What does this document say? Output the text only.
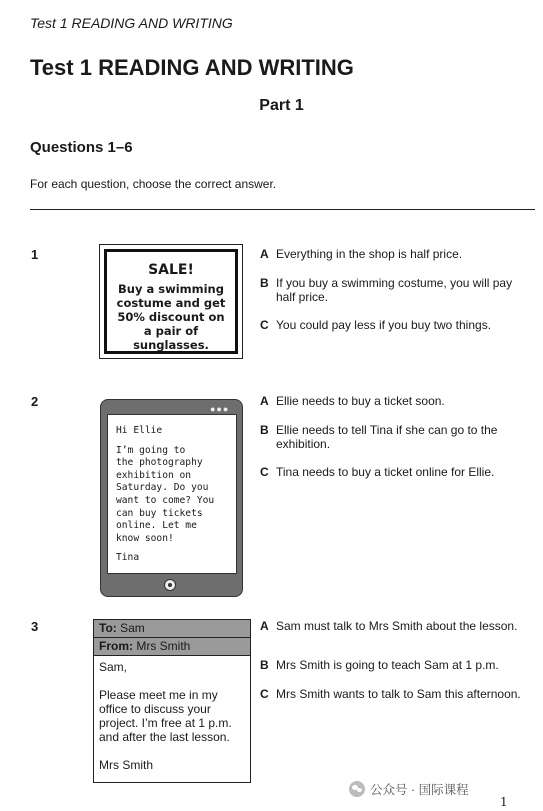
Test 1 READING AND WRITING
Test 1 READING AND WRITING
Part 1
Questions 1–6
For each question, choose the correct answer.
1
SALE!
Buy a swimming costume and get 50% discount on a pair of sunglasses.
A Everything in the shop is half price.
B If you buy a swimming costume, you will pay half price.
C You could pay less if you buy two things.
2	●●●

Hi Ellie

I’m going to
the photography
exhibition on
Saturday. Do you
want to come? You
can buy tickets
online. Let me
know soon!

Tina

A Ellie needs to buy a ticket soon.
B Ellie needs to tell Tina if she can go to the exhibition.
C Tina needs to buy a ticket online for Ellie.
3	To: Sam
From: Mrs Smith

Sam,

Please meet me in my office to discuss your project. I’m free at 1 p.m. and after the last lesson.

Mrs Smith

A Sam must talk to Mrs Smith about the lesson.
B Mrs Smith is going to teach Sam at 1 p.m.
C Mrs Smith wants to talk to Sam this afternoon.
公众号 · 国际课程
1
